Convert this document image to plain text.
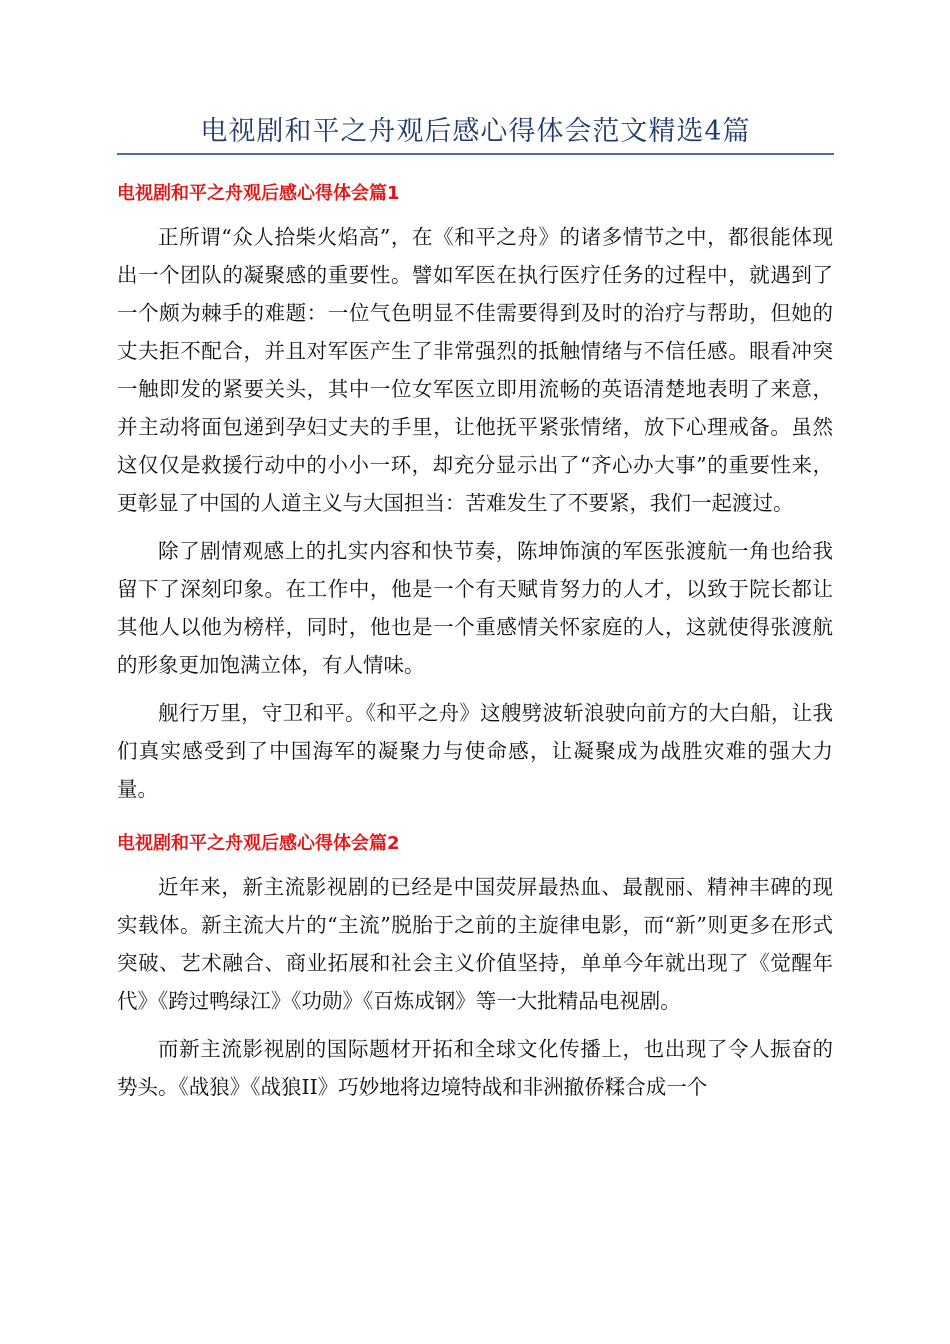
电视剧和平之舟观后感心得体会范文精选4篇
电视剧和平之舟观后感心得体会篇1

正所谓“众人拾柴火焰高”，在《和平之舟》的诸多情节之中，都很能体现出一个团队的凝聚感的重要性。譬如军医在执行医疗任务的过程中，就遇到了一个颇为棘手的难题：一位气色明显不佳需要得到及时的治疗与帮助，但她的丈夫拒不配合，并且对军医产生了非常强烈的抵触情绪与不信任感。眼看冲突一触即发的紧要关头，其中一位女军医立即用流畅的英语清楚地表明了来意，并主动将面包递到孕妇丈夫的手里，让他抚平紧张情绪，放下心理戒备。虽然这仅仅是救援行动中的小小一环，却充分显示出了“齐心办大事”的重要性来，更彰显了中国的人道主义与大国担当：苦难发生了不要紧，我们一起渡过。

除了剧情观感上的扎实内容和快节奏，陈坤饰演的军医张渡航一角也给我留下了深刻印象。在工作中，他是一个有天赋肯努力的人才，以致于院长都让其他人以他为榜样，同时，他也是一个重感情关怀家庭的人，这就使得张渡航的形象更加饱满立体，有人情味。

舰行万里，守卫和平。《和平之舟》这艘劈波斩浪驶向前方的大白船，让我们真实感受到了中国海军的凝聚力与使命感，让凝聚成为战胜灾难的强大力量。

电视剧和平之舟观后感心得体会篇2

近年来，新主流影视剧的已经是中国荧屏最热血、最靓丽、精神丰碑的现实载体。新主流大片的“主流”脱胎于之前的主旋律电影，而“新”则更多在形式突破、艺术融合、商业拓展和社会主义价值坚持，单单今年就出现了《觉醒年代》《跨过鸭绿江》《功勋》《百炼成钢》等一大批精品电视剧。

而新主流影视剧的国际题材开拓和全球文化传播上，也出现了令人振奋的势头。《战狼》《战狼II》巧妙地将边境特战和非洲撤侨糅合成一个
